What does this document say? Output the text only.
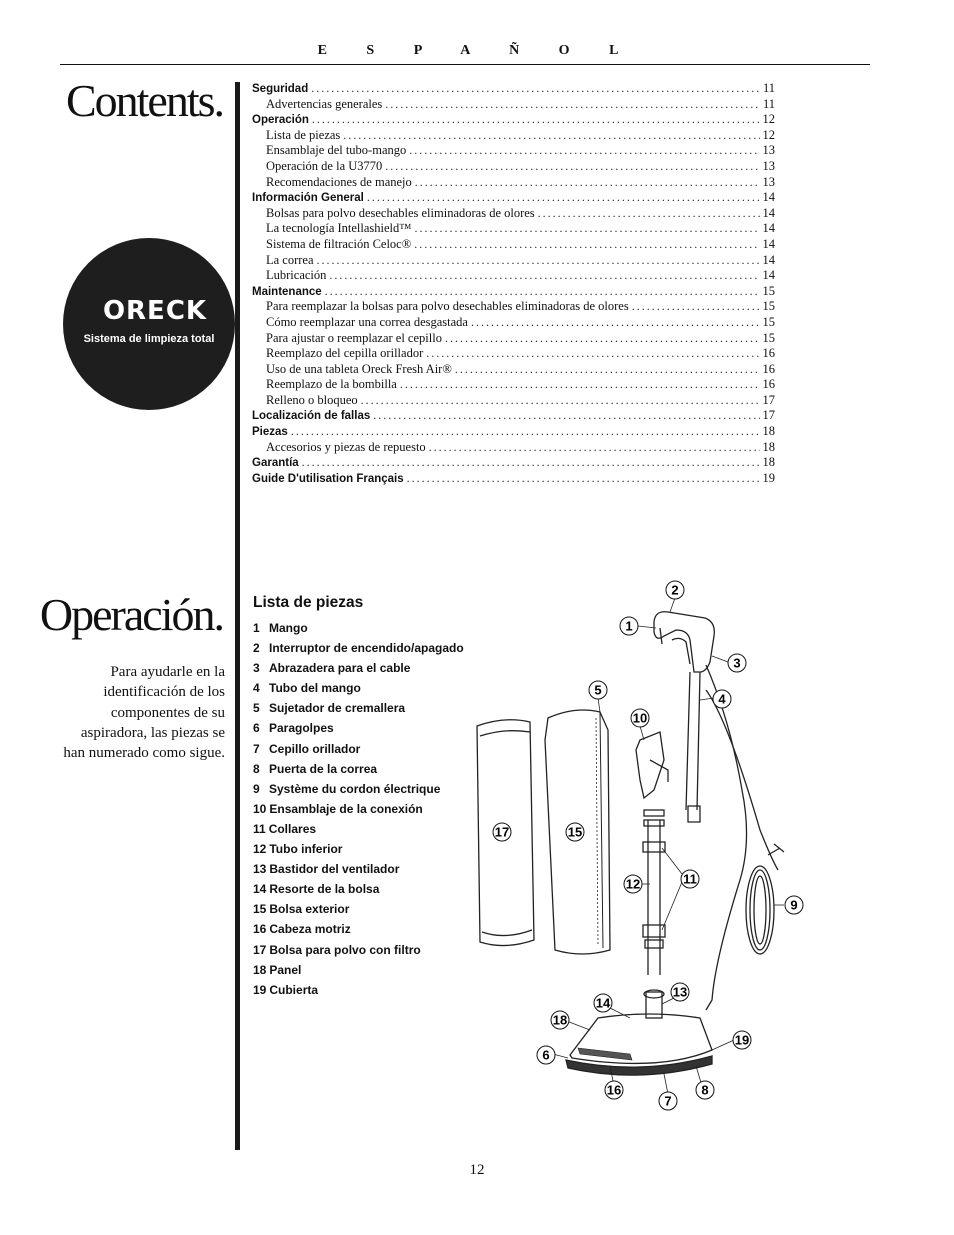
E S P A Ñ O L
Contents.
ORECK
Sistema de limpieza total
Seguridad .....	11
Advertencias generales .....	11
Operación .....	12
Lista de piezas .....	12
Ensamblaje del tubo-mango .....	13
Operación de la U3770 .....	13
Recomendaciones de manejo .....	13
Información General .....	14
Bolsas para polvo desechables eliminadoras de olores .....	14
La tecnología Intellashield™ .....	14
Sistema de filtración Celoc® .....	14
La correa .....	14
Lubricación .....	14
Maintenance .....	15
Para reemplazar la bolsas para polvo desechables eliminadoras de olores .....	15
Cómo reemplazar una correa desgastada .....	15
Para ajustar o reemplazar el cepillo .....	15
Reemplazo del cepilla orillador .....	16
Uso de una tableta Oreck Fresh Air® .....	16
Reemplazo de la bombilla .....	16
Relleno o bloqueo .....	17
Localización de fallas .....	17
Piezas .....	18
Accesorios y piezas de repuesto .....	18
Garantía .....	18
Guide D'utilisation Français .....	19
Operación.
Para ayudarle en la identificación de los componentes de su aspiradora, las piezas se han numerado como sigue.
Lista de piezas
1 Mango
2 Interruptor de encendido/apagado
3 Abrazadera para el cable
4 Tubo del mango
5 Sujetador de cremallera
6 Paragolpes
7 Cepillo orillador
8 Puerta de la correa
9 Système du cordon électrique
10 Ensamblaje de la conexión
11 Collares
12 Tubo inferior
13 Bastidor del ventilador
14 Resorte de la bolsa
15 Bolsa exterior
16 Cabeza motriz
17 Bolsa para polvo con filtro
18 Panel
19 Cubierta
1
2
3
4
5
6
7
8
9
10
11
12
13
14
15
16
17
18
19
12
